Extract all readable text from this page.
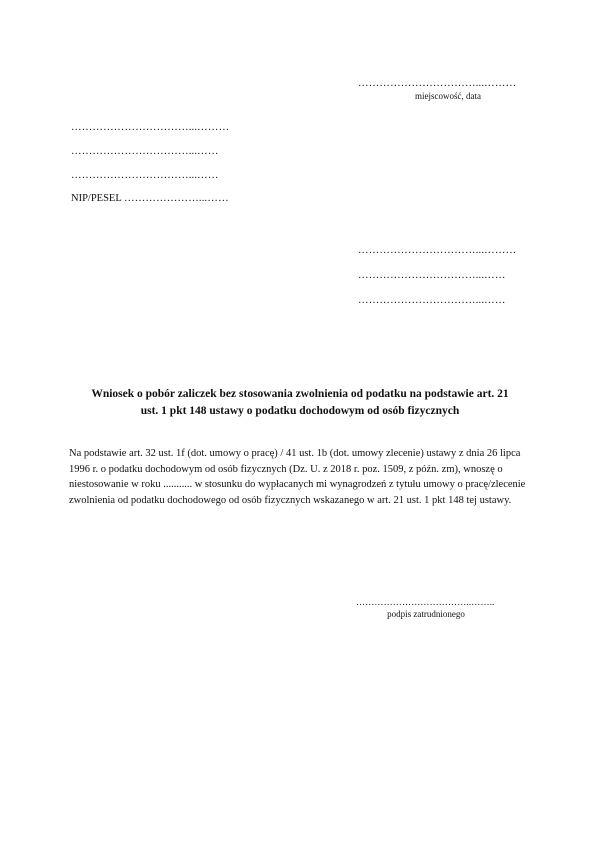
……………………………...………
miejscowość, data
……………………………...………
……………………………...……
……………………………...……
NIP/PESEL …………………...……
……………………………...………
……………………………...……
……………………………...……
Wniosek o pobór zaliczek bez stosowania zwolnienia od podatku na podstawie art. 21
ust. 1 pkt 148 ustawy o podatku dochodowym od osób fizycznych
Na podstawie art. 32 ust. 1f (dot. umowy o pracę) / 41 ust. 1b (dot. umowy zlecenie) ustawy z dnia 26 lipca
1996 r. o podatku dochodowym od osób fizycznych (Dz. U. z 2018 r. poz. 1509, z późn. zm), wnoszę o
niestosowanie w roku ........... w stosunku do wypłacanych mi wynagrodzeń z tytułu umowy o pracę/zlecenie
zwolnienia od podatku dochodowego od osób fizycznych wskazanego w art. 21 ust. 1 pkt 148 tej ustawy.
………………………………..……..
podpis zatrudnionego
